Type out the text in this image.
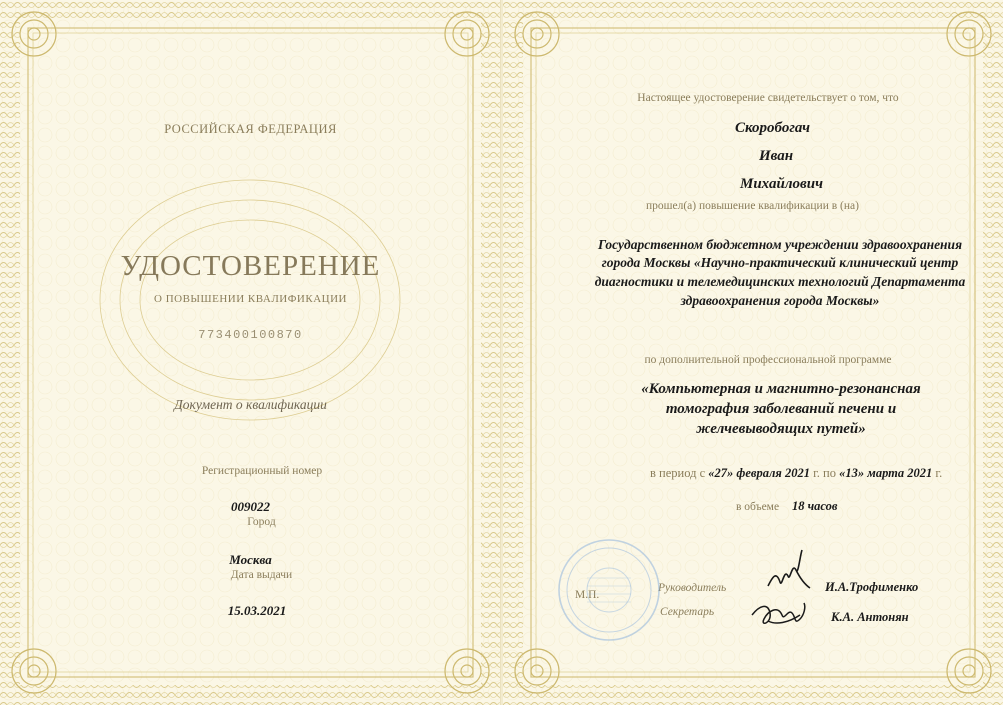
РОССИЙСКАЯ ФЕДЕРАЦИЯ
УДОСТОВЕРЕНИЕ
О ПОВЫШЕНИИ КВАЛИФИКАЦИИ
773400100870
Документ о квалификации
Регистрационный номер
009022
Город
Москва
Дата выдачи
15.03.2021
Настоящее удостоверение свидетельствует о том, что
Скоробогач
Иван
Михайлович
прошел(а) повышение квалификации в (на)
Государственном бюджетном учреждении здравоохранения
города Москвы «Научно-практический клинический центр
диагностики и телемедицинских технологий Департамента
здравоохранения города Москвы»
по дополнительной профессиональной программе
«Компьютерная и магнитно-резонансная
томография заболеваний печени и
желчевыводящих путей»
в период с «27» февраля 2021 г. по «13» марта 2021 г.
в объеме 18 часов
М.П.
Руководитель	И.А.Трофименко
Секретарь	К.А. Антонян
